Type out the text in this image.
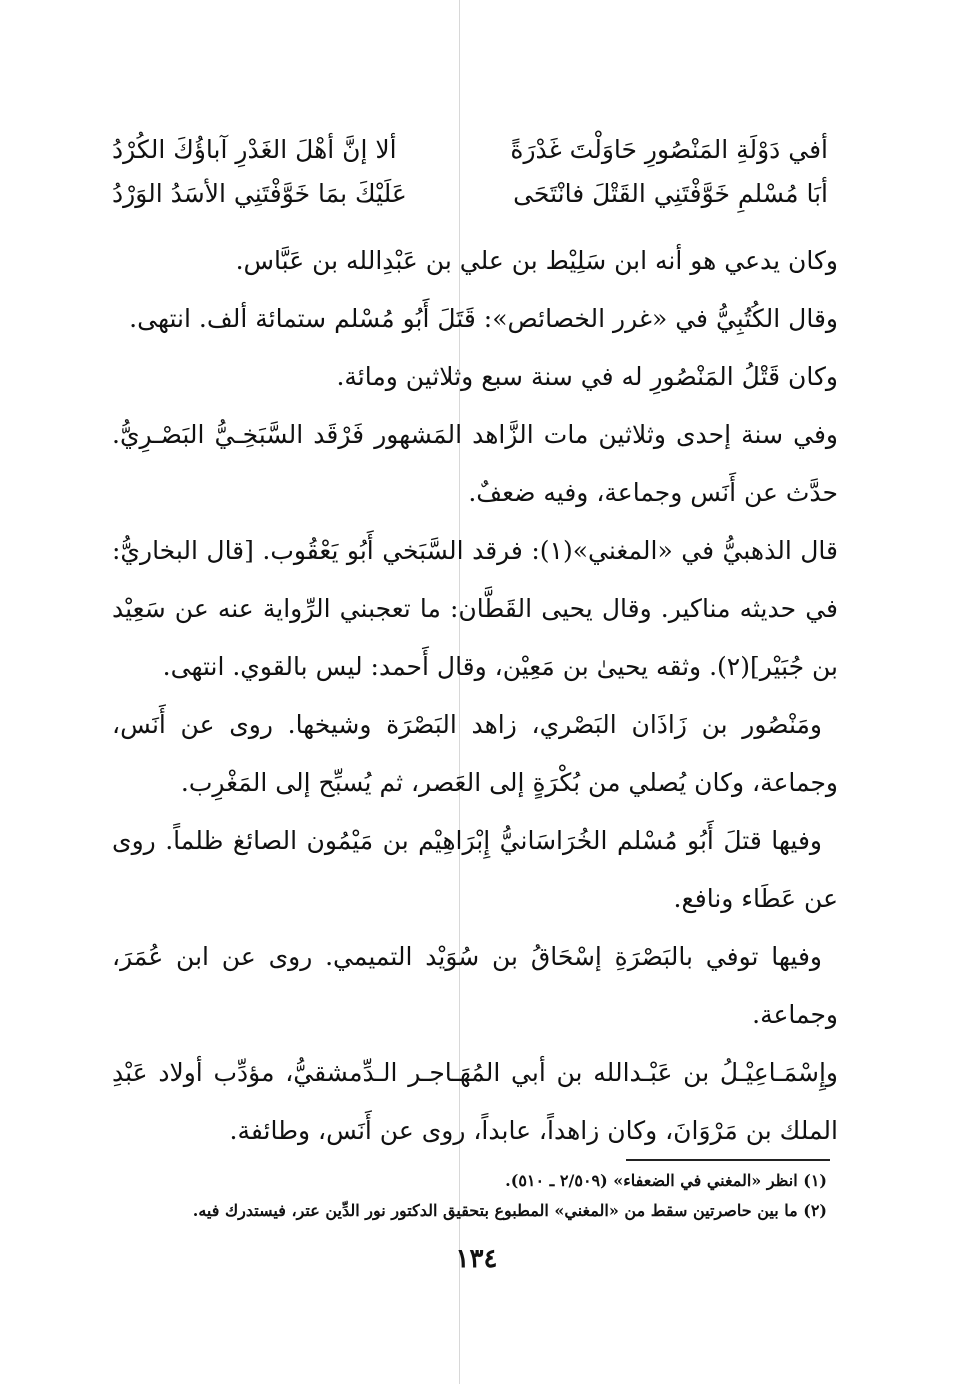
أفي دَوْلَةِ المَنْصُورِ حَاوَلْتَ غَدْرَةً
ألا إنَّ أهْلَ الغَدْرِ آباؤُكَ الكُرْدُ
أبَا مُسْلمِ خَوَّفْتَنِي القَتْلَ فانْتَحَى
عَلَيْكَ بمَا خَوَّفْتَنِي الأسَدُ الوَرْدُ

وكان يدعي هو أنه ابن سَلِيْط بن علي بن عَبْدِالله بن عَبَّاس.

وقال الكُتُبِيُّ في «غرر الخصائص»: قَتَلَ أَبُو مُسْلم ستمائة ألف. انتهى.

وكان قَتْلُ المَنْصُورِ له في سنة سبع وثلاثين ومائة.

وفي سنة إحدى وثلاثين مات الزَّاهد المَشهور فَرْقَد السَّبَخِـيُّ البَصْـرِيُّ. حدَّث عن أَنَس وجماعة، وفيه ضعفٌ.

قال الذهبيُّ في «المغني»(١): فرقد السَّبَخي أَبُو يَعْقُوب. [قال البخاريُّ: في حديثه مناكير. وقال يحيى القَطَّان: ما تعجبني الرِّواية عنه عن سَعِيْد بن جُبَيْر](٢). وثقه يحيىٰ بن مَعِيْن، وقال أَحمد: ليس بالقوي. انتهى.

ومَنْصُور بن زَاذَان البَصْري، زاهد البَصْرَة وشيخها. روى عن أَنَس، وجماعة، وكان يُصلي من بُكْرَةٍ إلى العَصر، ثم يُسبِّح إلى المَغْرِب.

وفيها قتلَ أَبُو مُسْلم الخُرَاسَانيُّ إِبْرَاهِيْم بن مَيْمُون الصائغ ظلماً. روى عن عَطَاء ونافع.

وفيها توفي بالبَصْرَةِ إسْحَاقُ بن سُوَيْد التميمي. روى عن ابن عُمَرَ، وجماعة.

وإِسْمَـاعِيْـلُ بن عَبْـدالله بن أبي المُهَـاجـر الـدِّمشقيُّ، مؤدِّب أولاد عَبْدِ الملك بن مَرْوَانَ، وكان زاهداً، عابداً، روى عن أَنَس، وطائفة.

(١) انظر «المغني في الضعفاء» (٢/٥٠٩ ـ ٥١٠).
(٢) ما بين حاصرتين سقط من «المغني» المطبوع بتحقيق الدكتور نور الدِّين عتر، فيستدرك فيه.
١٣٤
